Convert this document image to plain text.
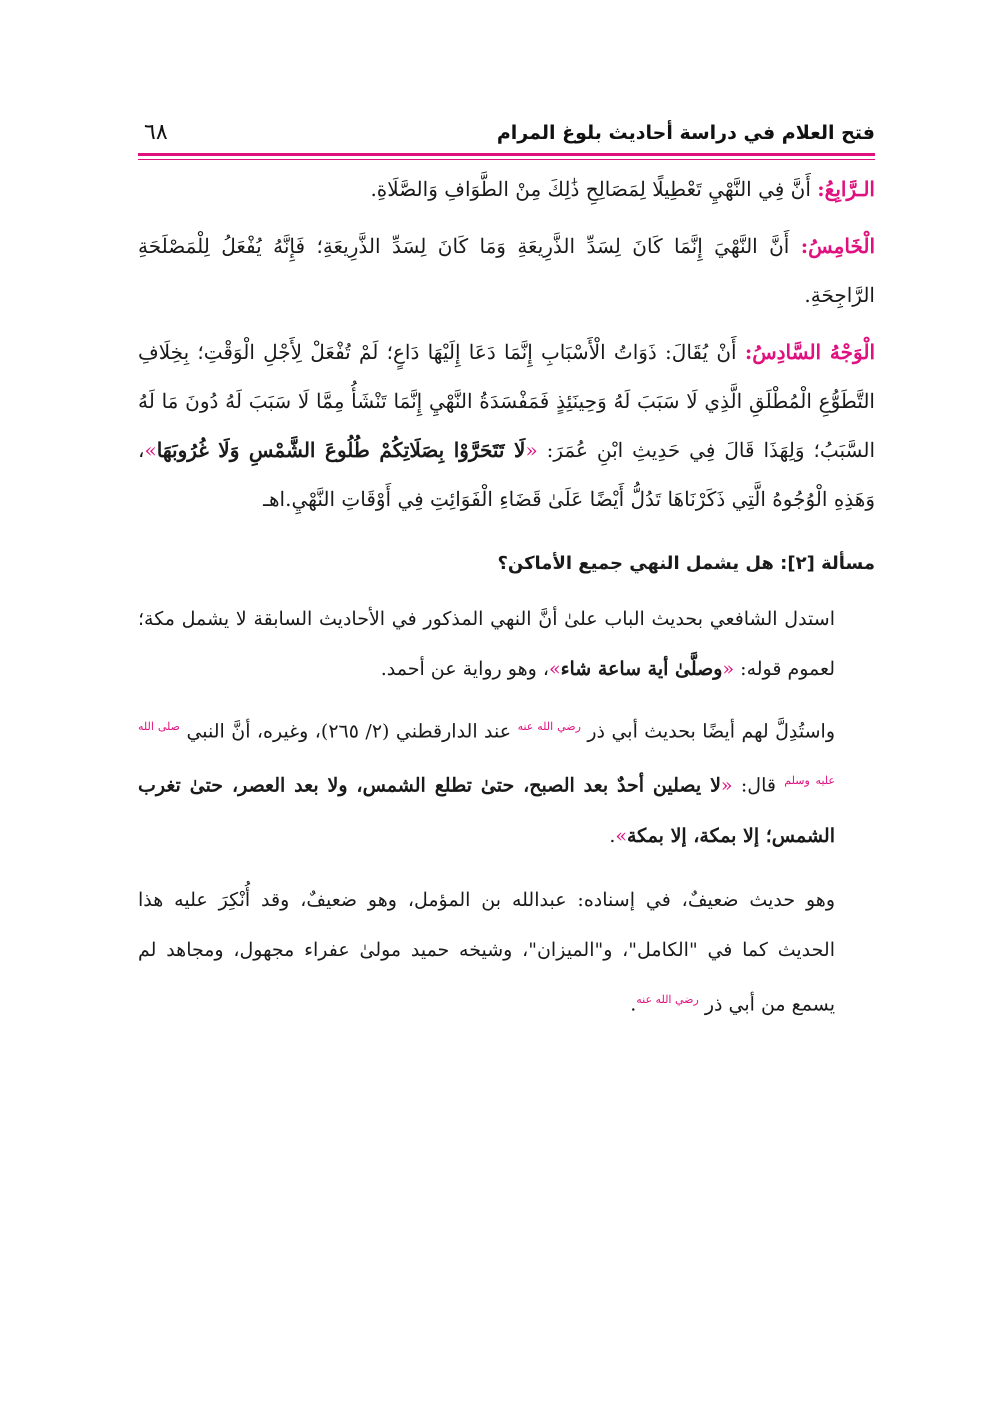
فتح العلام في دراسة أحاديث بلوغ المرام
٦٨

الـرَّابِعُ: أَنَّ فِي النَّهْيِ تَعْطِيلًا لِمَصَالِحِ ذَٰلِكَ مِنْ الطَّوَافِ وَالصَّلَاةِ.

الْخَامِسُ: أَنَّ النَّهْيَ إِنَّمَا كَانَ لِسَدِّ الذَّرِيعَةِ وَمَا كَانَ لِسَدِّ الذَّرِيعَةِ؛ فَإِنَّهُ يُفْعَلُ لِلْمَصْلَحَةِ الرَّاجِحَةِ.

الْوَجْهُ السَّادِسُ: أَنْ يُقَالَ: ذَوَاتُ الْأَسْبَابِ إِنَّمَا دَعَا إِلَيْهَا دَاعٍ؛ لَمْ تُفْعَلْ لِأَجْلِ الْوَقْتِ؛ بِخِلَافِ التَّطَوُّعِ الْمُطْلَقِ الَّذِي لَا سَبَبَ لَهُ وَحِينَئِذٍ فَمَفْسَدَةُ النَّهْيِ إِنَّمَا تَنْشَأُ مِمَّا لَا سَبَبَ لَهُ دُونَ مَا لَهُ السَّبَبُ؛ وَلِهَذَا قَالَ فِي حَدِيثِ ابْنِ عُمَرَ: «لَا تَتَحَرَّوْا بِصَلَاتِكُمْ طُلُوعَ الشَّمْسِ وَلَا غُرُوبَهَا»، وَهَذِهِ الْوُجُوهُ الَّتِي ذَكَرْنَاهَا تَدُلُّ أَيْضًا عَلَىٰ قَضَاءِ الْفَوَائِتِ فِي أَوْقَاتِ النَّهْيِ.اهـ

مسألة [٢]: هل يشمل النهي جميع الأماكن؟

استدل الشافعي بحديث الباب علىٰ أنَّ النهي المذكور في الأحاديث السابقة لا يشمل مكة؛ لعموم قوله: «وصلَّىٰ أية ساعة شاء»، وهو رواية عن أحمد.

واستُدِلَّ لهم أيضًا بحديث أبي ذر $^{رضي الله عنه}$ عند الدارقطني (٢/ ٢٦٥)، وغيره، أنَّ النبي $^{صلى الله عليه وسلم}$ قال: «لا يصلين أحدٌ بعد الصبح، حتىٰ تطلع الشمس، ولا بعد العصر، حتىٰ تغرب الشمس؛ إلا بمكة، إلا بمكة».

وهو حديث ضعيفٌ، في إسناده: عبدالله بن المؤمل، وهو ضعيفٌ، وقد أُنْكِرَ عليه هذا الحديث كما في "الكامل"، و"الميزان"، وشيخه حميد مولىٰ عفراء مجهول، ومجاهد لم يسمع من أبي ذر $^{رضي الله عنه}$.
